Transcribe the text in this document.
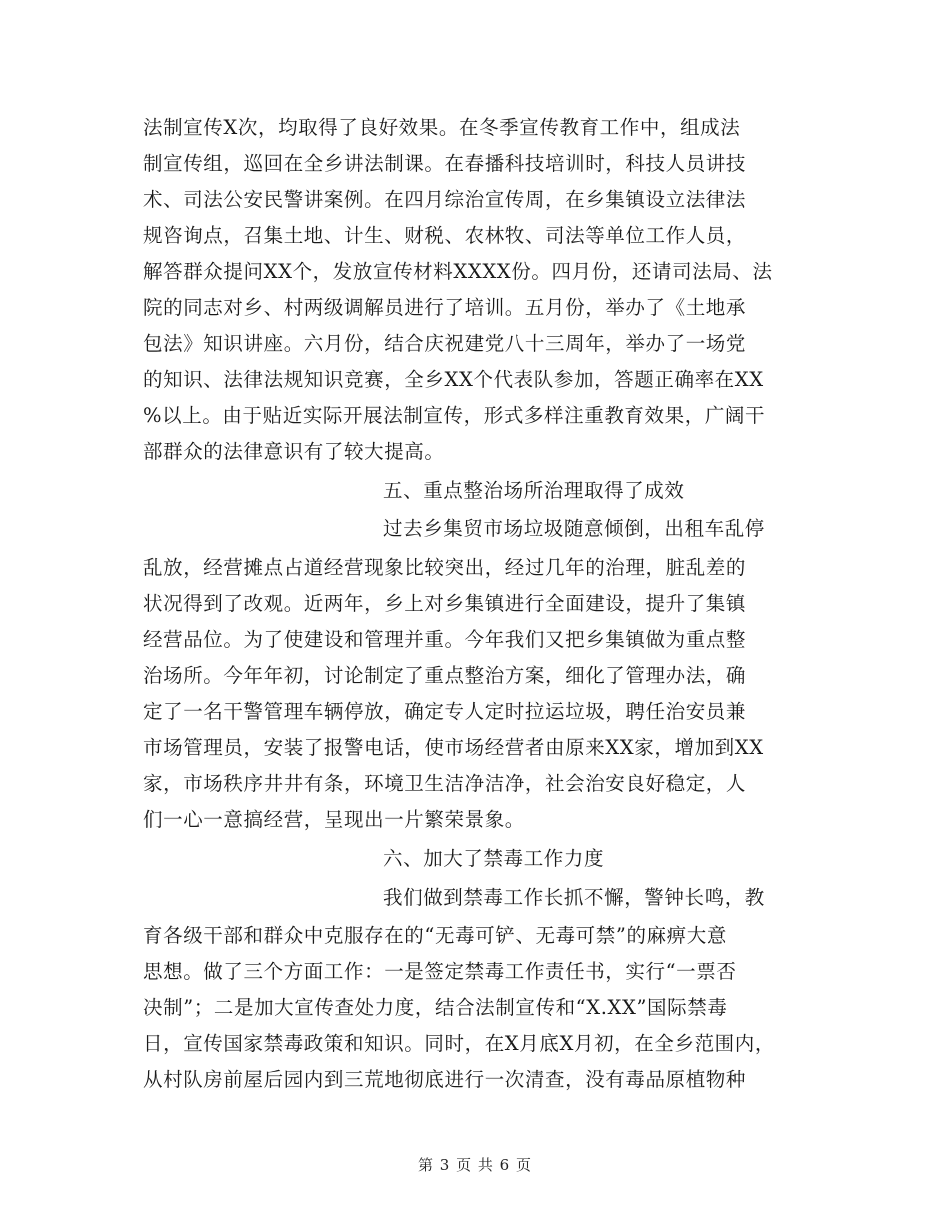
法制宣传X次，均取得了良好效果。在冬季宣传教育工作中，组成法
制宣传组，巡回在全乡讲法制课。在春播科技培训时，科技人员讲技
术、司法公安民警讲案例。在四月综治宣传周，在乡集镇设立法律法
规咨询点，召集土地、计生、财税、农林牧、司法等单位工作人员，
解答群众提问XX个，发放宣传材料XXXX份。四月份，还请司法局、法
院的同志对乡、村两级调解员进行了培训。五月份，举办了《土地承
包法》知识讲座。六月份，结合庆祝建党八十三周年，举办了一场党
的知识、法律法规知识竞赛，全乡XX个代表队参加，答题正确率在XX
%以上。由于贴近实际开展法制宣传，形式多样注重教育效果，广阔干
部群众的法律意识有了较大提高。
五、重点整治场所治理取得了成效
过去乡集贸市场垃圾随意倾倒，出租车乱停
乱放，经营摊点占道经营现象比较突出，经过几年的治理，脏乱差的
状况得到了改观。近两年，乡上对乡集镇进行全面建设，提升了集镇
经营品位。为了使建设和管理并重。今年我们又把乡集镇做为重点整
治场所。今年年初，讨论制定了重点整治方案，细化了管理办法，确
定了一名干警管理车辆停放，确定专人定时拉运垃圾，聘任治安员兼
市场管理员，安装了报警电话，使市场经营者由原来XX家，增加到XX
家，市场秩序井井有条，环境卫生洁净洁净，社会治安良好稳定，人
们一心一意搞经营，呈现出一片繁荣景象。
六、加大了禁毒工作力度
我们做到禁毒工作长抓不懈，警钟长鸣，教
育各级干部和群众中克服存在的“无毒可铲、无毒可禁”的麻痹大意
思想。做了三个方面工作：一是签定禁毒工作责任书，实行“一票否
决制”；二是加大宣传查处力度，结合法制宣传和“X.XX”国际禁毒
日，宣传国家禁毒政策和知识。同时，在X月底X月初，在全乡范围内，
从村队房前屋后园内到三荒地彻底进行一次清查，没有毒品原植物种
第 3 页 共 6 页
